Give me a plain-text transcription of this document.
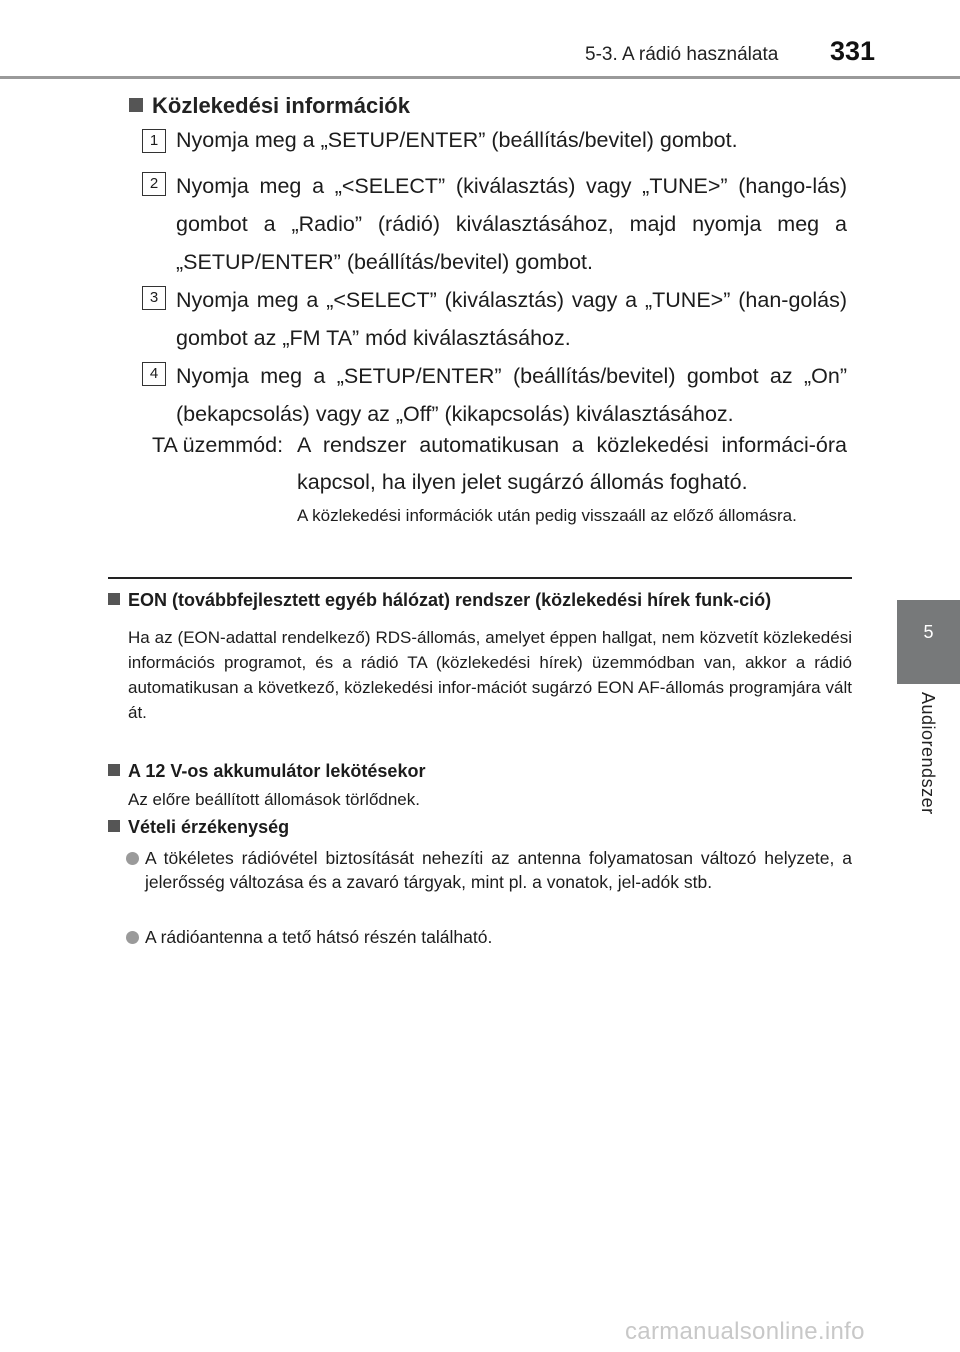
5-3. A rádió használata 331
5
Audiorendszer
Közlekedési információk
1 Nyomja meg a „SETUP/ENTER” (beállítás/bevitel) gombot.
2 Nyomja meg a „<SELECT” (kiválasztás) vagy „TUNE>” (hango-lás) gombot a „Radio” (rádió) kiválasztásához, majd nyomja meg a „SETUP/ENTER” (beállítás/bevitel) gombot.
3 Nyomja meg a „<SELECT” (kiválasztás) vagy a „TUNE>” (han-golás) gombot az „FM TA” mód kiválasztásához.
4 Nyomja meg a „SETUP/ENTER” (beállítás/bevitel) gombot az „On” (bekapcsolás) vagy az „Off” (kikapcsolás) kiválasztásához.
TA üzemmód: A rendszer automatikusan a közlekedési informáci-óra kapcsol, ha ilyen jelet sugárzó állomás fogható.
A közlekedési információk után pedig visszaáll az előző állomásra.
EON (továbbfejlesztett egyéb hálózat) rendszer (közlekedési hírek funk-ció)
Ha az (EON-adattal rendelkező) RDS-állomás, amelyet éppen hallgat, nem közvetít közlekedési információs programot, és a rádió TA (közlekedési hírek) üzemmódban van, akkor a rádió automatikusan a következő, közlekedési infor-mációt sugárzó EON AF-állomás programjára vált át.
A 12 V-os akkumulátor lekötésekor
Az előre beállított állomások törlődnek.
Vételi érzékenység
A tökéletes rádióvétel biztosítását nehezíti az antenna folyamatosan változó helyzete, a jelerősség változása és a zavaró tárgyak, mint pl. a vonatok, jel-adók stb.
A rádióantenna a tető hátsó részén található.
carmanualsonline.info
